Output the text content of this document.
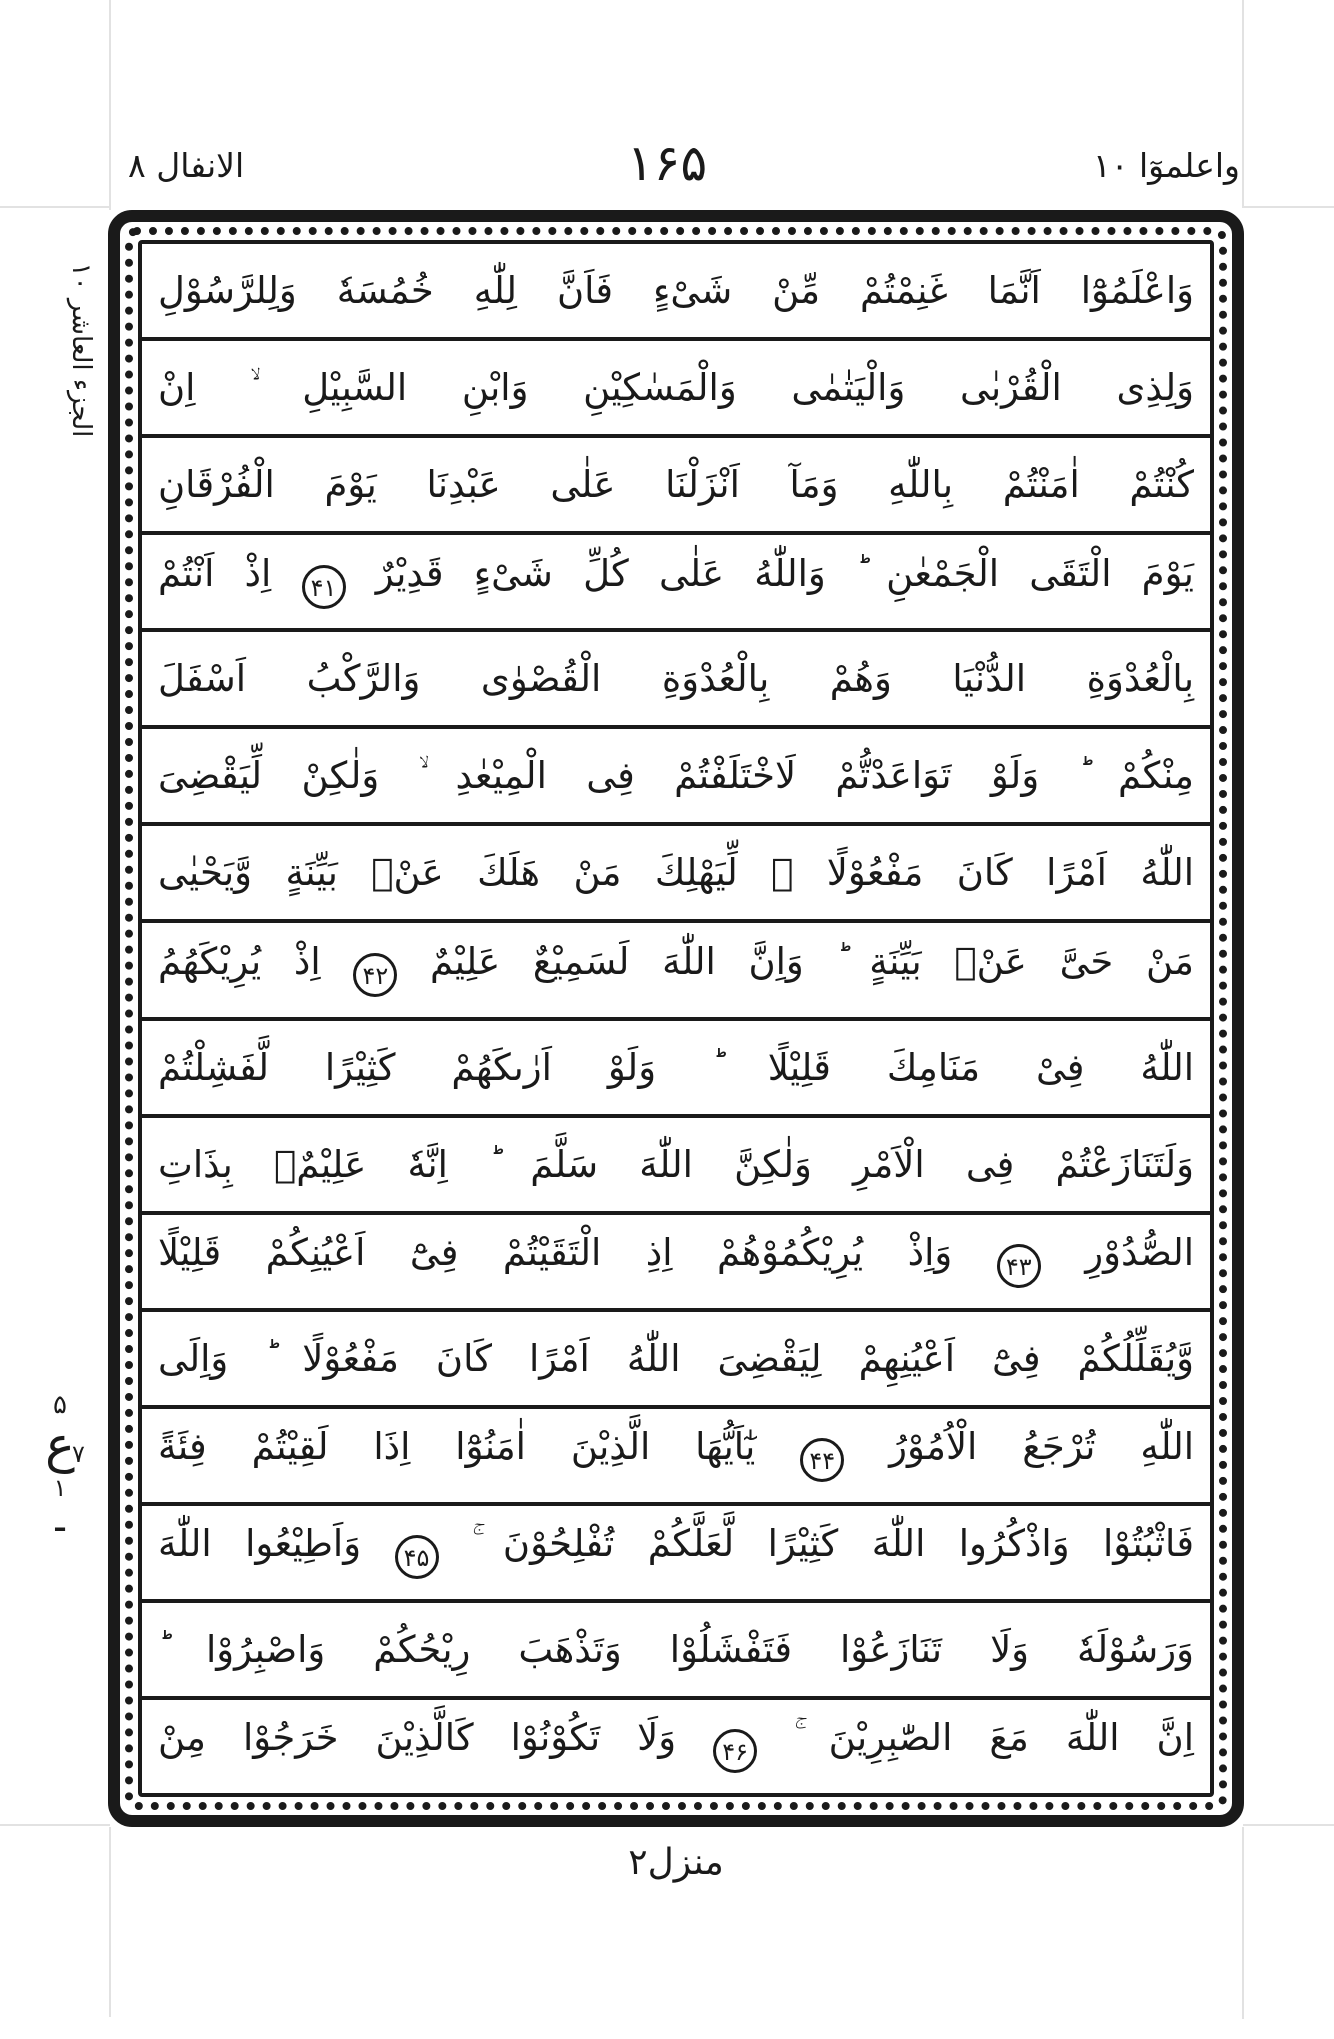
الانفال ۸	۱۶۵	واعلموٓا ۱۰
الجزء العاشر ۱۰
۵
ع
۷
۱
ـ
وَاعْلَمُوْٓا اَنَّمَا غَنِمْتُمْ مِّنْ شَیْءٍ فَاَنَّ لِلّٰهِ خُمُسَهٗ وَلِلرَّسُوْلِ
وَلِذِی الْقُرْبٰی وَالْیَتٰمٰی وَالْمَسٰكِیْنِ وَابْنِ السَّبِیْلِ ۙ اِنْ
كُنْتُمْ اٰمَنْتُمْ بِاللّٰهِ وَمَآ اَنْزَلْنَا عَلٰی عَبْدِنَا یَوْمَ الْفُرْقَانِ
یَوْمَ الْتَقَی الْجَمْعٰنِ ؕ وَاللّٰهُ عَلٰی كُلِّ شَیْءٍ قَدِیْرٌ ۴۱ اِذْ اَنْتُمْ
بِالْعُدْوَةِ الدُّنْیَا وَهُمْ بِالْعُدْوَةِ الْقُصْوٰی وَالرَّكْبُ اَسْفَلَ
مِنْكُمْ ؕ وَلَوْ تَوَاعَدْتُّمْ لَاخْتَلَفْتُمْ فِی الْمِیْعٰدِ ۙ وَلٰكِنْ لِّیَقْضِیَ
اللّٰهُ اَمْرًا كَانَ مَفْعُوْلًا ۙ لِّیَهْلِكَ مَنْ هَلَكَ عَنْۢ بَیِّنَةٍ وَّیَحْیٰی
مَنْ حَیَّ عَنْۢ بَیِّنَةٍ ؕ وَاِنَّ اللّٰهَ لَسَمِیْعٌ عَلِیْمٌ ۴۲ اِذْ یُرِیْكَهُمُ
اللّٰهُ فِیْ مَنَامِكَ قَلِیْلًا ؕ وَلَوْ اَرٰىكَهُمْ كَثِیْرًا لَّفَشِلْتُمْ
وَلَتَنَازَعْتُمْ فِی الْاَمْرِ وَلٰكِنَّ اللّٰهَ سَلَّمَ ؕ اِنَّهٗ عَلِیْمٌۢ بِذَاتِ
الصُّدُوْرِ ۴۳ وَاِذْ یُرِیْكُمُوْهُمْ اِذِ الْتَقَیْتُمْ فِیْٓ اَعْیُنِكُمْ قَلِیْلًا
وَّیُقَلِّلُكُمْ فِیْٓ اَعْیُنِهِمْ لِیَقْضِیَ اللّٰهُ اَمْرًا كَانَ مَفْعُوْلًا ؕ وَاِلَی
اللّٰهِ تُرْجَعُ الْاُمُوْرُ ۴۴ یٰٓاَیُّهَا الَّذِیْنَ اٰمَنُوْٓا اِذَا لَقِیْتُمْ فِئَةً
فَاثْبُتُوْا وَاذْكُرُوا اللّٰهَ كَثِیْرًا لَّعَلَّكُمْ تُفْلِحُوْنَ ۚ ۴۵ وَاَطِیْعُوا اللّٰهَ
وَرَسُوْلَهٗ وَلَا تَنَازَعُوْا فَتَفْشَلُوْا وَتَذْهَبَ رِیْحُكُمْ وَاصْبِرُوْا ؕ
اِنَّ اللّٰهَ مَعَ الصّٰبِرِیْنَ ۚ ۴۶ وَلَا تَكُوْنُوْا كَالَّذِیْنَ خَرَجُوْا مِنْ
منزل۲
